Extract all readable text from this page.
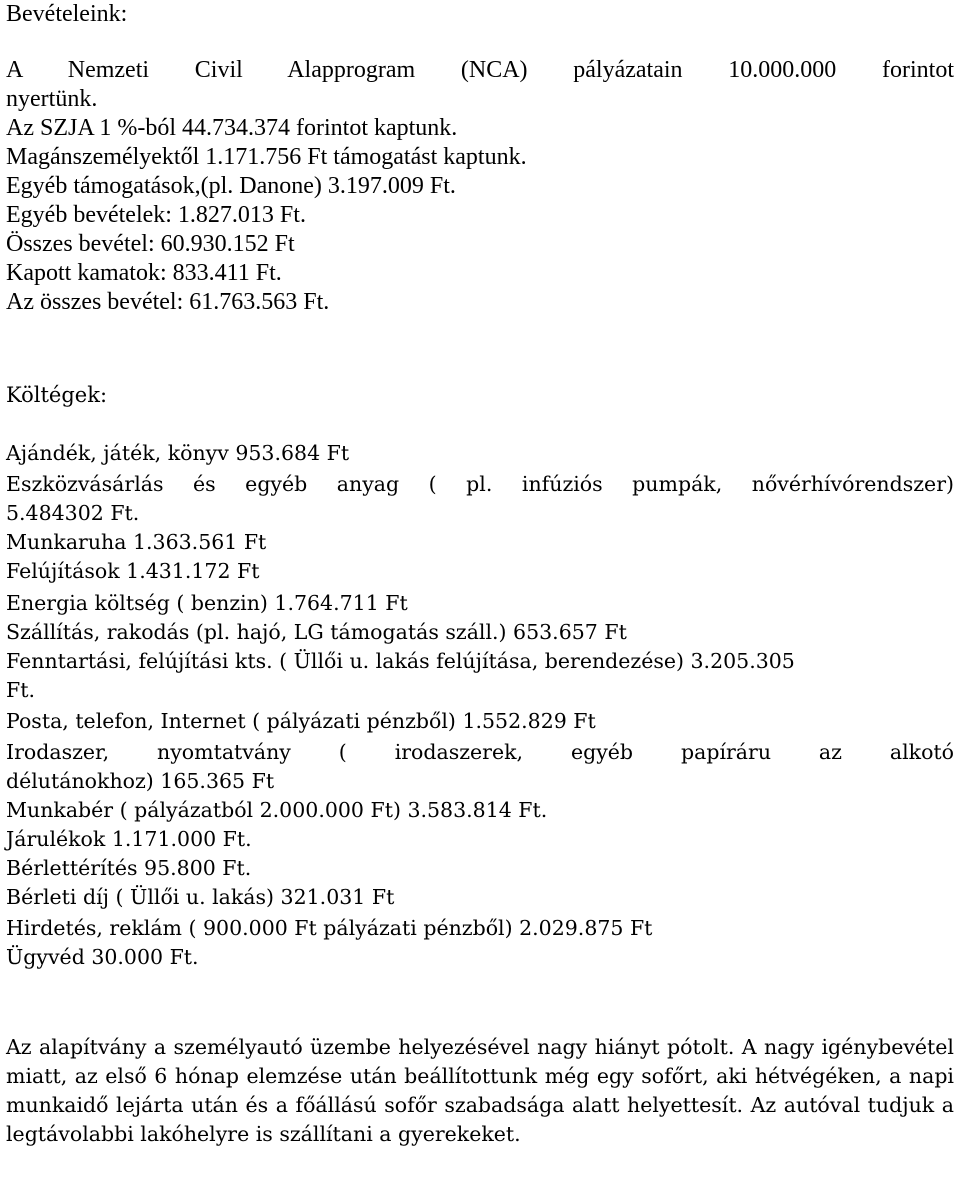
Bevételeink:

A Nemzeti Civil Alapprogram (NCA) pályázatain 10.000.000 forintot

nyertünk.

Az SZJA 1 %-ból 44.734.374 forintot kaptunk.

Magánszemélyektől 1.171.756 Ft támogatást kaptunk.

Egyéb támogatások,(pl. Danone) 3.197.009 Ft.

Egyéb bevételek: 1.827.013 Ft.

Összes bevétel: 60.930.152 Ft

Kapott kamatok: 833.411 Ft.

Az összes bevétel: 61.763.563 Ft.

Költégek:

Ajándék, játék, könyv 953.684 Ft

Eszközvásárlás és egyéb anyag ( pl. infúziós pumpák, nővérhívórendszer)

5.484302 Ft.

Munkaruha 1.363.561 Ft

Felújítások 1.431.172 Ft

Energia költség ( benzin) 1.764.711 Ft

Szállítás, rakodás (pl. hajó, LG támogatás száll.) 653.657 Ft

Fenntartási, felújítási kts. ( Üllői u. lakás felújítása, berendezése) 3.205.305

Ft.

Posta, telefon, Internet ( pályázati pénzből) 1.552.829 Ft

Irodaszer, nyomtatvány ( irodaszerek, egyéb papíráru az alkotó

délutánokhoz) 165.365 Ft

Munkabér ( pályázatból 2.000.000 Ft) 3.583.814 Ft.

Járulékok 1.171.000 Ft.

Bérlettérítés 95.800 Ft.

Bérleti díj ( Üllői u. lakás) 321.031 Ft

Hirdetés, reklám ( 900.000 Ft pályázati pénzből) 2.029.875 Ft

Ügyvéd 30.000 Ft.

Az alapítvány a személyautó üzembe helyezésével nagy hiányt pótolt. A nagy igénybevétel miatt, az első 6 hónap elemzése után beállítottunk még egy sofőrt, aki hétvégéken, a napi munkaidő lejárta után és a főállású sofőr szabadsága alatt helyettesít. Az autóval tudjuk a legtávolabbi lakóhelyre is szállítani a gyerekeket.
